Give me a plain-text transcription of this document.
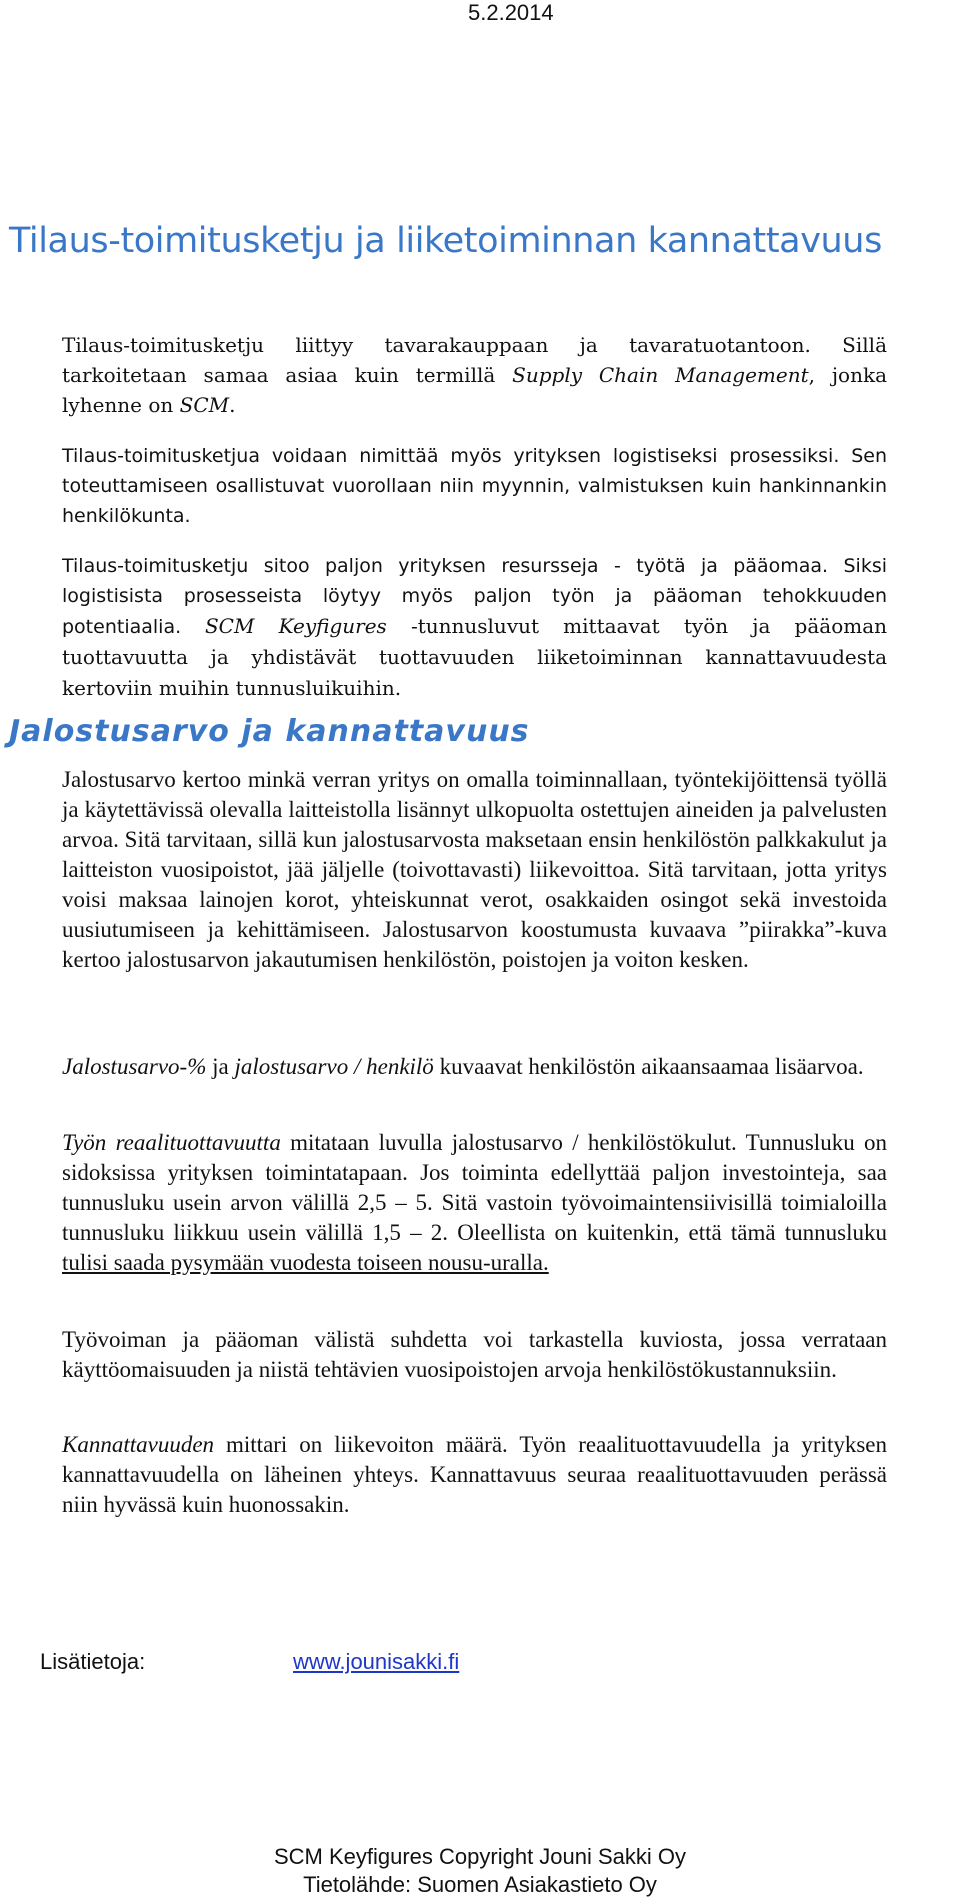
5.2.2014
Tilaus-toimitusketju ja liiketoiminnan kannattavuus

Tilaus-toimitusketju liittyy tavarakauppaan ja tavaratuotantoon. Sillä tarkoitetaan samaa asiaa kuin termillä Supply Chain Management, jonka lyhenne on SCM.

Tilaus-toimitusketjua voidaan nimittää myös yrityksen logistiseksi prosessiksi. Sen toteuttamiseen osallistuvat vuorollaan niin myynnin, valmistuksen kuin hankinnankin henkilökunta.

Tilaus-toimitusketju sitoo paljon yrityksen resursseja - työtä ja pääomaa. Siksi logistisista prosesseista löytyy myös paljon työn ja pääoman tehokkuuden potentiaalia. SCM Keyfigures -tunnusluvut mittaavat työn ja pääoman tuottavuutta ja yhdistävät tuottavuuden liiketoiminnan kannattavuudesta kertoviin muihin tunnusluikuihin.

Jalostusarvo ja kannattavuus

Jalostusarvo kertoo minkä verran yritys on omalla toiminnallaan, työntekijöittensä työllä ja käytettävissä olevalla laitteistolla lisännyt ulkopuolta ostettujen aineiden ja palvelusten arvoa. Sitä tarvitaan, sillä kun jalostusarvosta maksetaan ensin henkilöstön palkkakulut ja laitteiston vuosipoistot, jää jäljelle (toivottavasti) liikevoittoa. Sitä tarvitaan, jotta yritys voisi maksaa lainojen korot, yhteiskunnat verot, osakkaiden osingot sekä investoida uusiutumiseen ja kehittämiseen. Jalostusarvon koostumusta kuvaava ”piirakka”-kuva kertoo jalostusarvon jakautumisen henkilöstön, poistojen ja voiton kesken.

Jalostusarvo-% ja jalostusarvo / henkilö kuvaavat henkilöstön aikaansaamaa lisäarvoa.

Työn reaalituottavuutta mitataan luvulla jalostusarvo / henkilöstökulut. Tunnusluku on sidoksissa yrityksen toimintatapaan. Jos toiminta edellyttää paljon investointeja, saa tunnusluku usein arvon välillä 2,5 – 5. Sitä vastoin työvoimaintensiivisillä toimialoilla tunnusluku liikkuu usein välillä 1,5 – 2. Oleellista on kuitenkin, että tämä tunnusluku tulisi saada pysymään vuodesta toiseen nousu-uralla.

Työvoiman ja pääoman välistä suhdetta voi tarkastella kuviosta, jossa verrataan käyttöomaisuuden ja niistä tehtävien vuosipoistojen arvoja henkilöstökustannuksiin.

Kannattavuuden mittari on liikevoiton määrä. Työn reaalituottavuudella ja yrityksen kannattavuudella on läheinen yhteys. Kannattavuus seuraa reaalituottavuuden perässä niin hyvässä kuin huonossakin.

Lisätietoja:	www.jounisakki.fi
SCM Keyfigures Copyright Jouni Sakki Oy
Tietolähde: Suomen Asiakastieto Oy
